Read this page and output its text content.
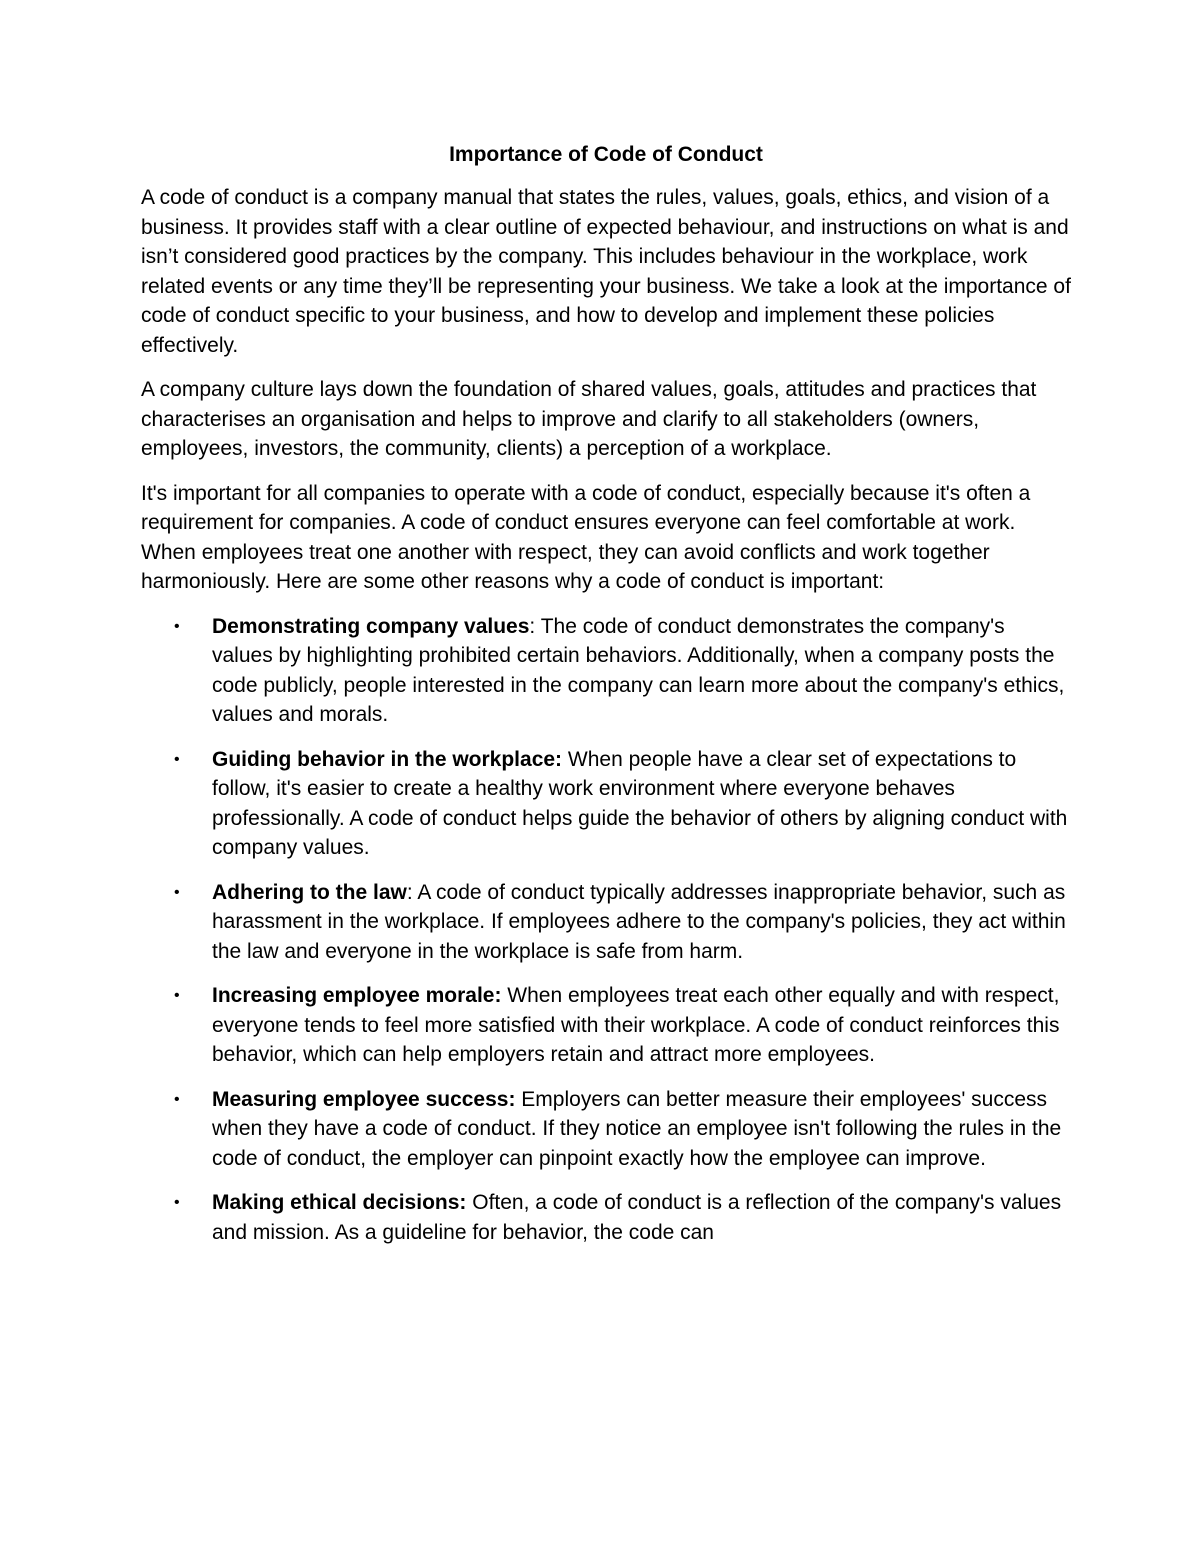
Importance of Code of Conduct

A code of conduct is a company manual that states the rules, values, goals, ethics, and vision of a business. It provides staff with a clear outline of expected behaviour, and instructions on what is and isn’t considered good practices by the company. This includes behaviour in the workplace, work related events or any time they’ll be representing your business. We take a look at the importance of code of conduct specific to your business, and how to develop and implement these policies effectively.

A company culture lays down the foundation of shared values, goals, attitudes and practices that characterises an organisation and helps to improve and clarify to all stakeholders (owners, employees, investors, the community, clients) a perception of a workplace.

It's important for all companies to operate with a code of conduct, especially because it's often a requirement for companies. A code of conduct ensures everyone can feel comfortable at work. When employees treat one another with respect, they can avoid conflicts and work together harmoniously. Here are some other reasons why a code of conduct is important:

• Demonstrating company values: The code of conduct demonstrates the company's values by highlighting prohibited certain behaviors. Additionally, when a company posts the code publicly, people interested in the company can learn more about the company's ethics, values and morals.
• Guiding behavior in the workplace: When people have a clear set of expectations to follow, it's easier to create a healthy work environment where everyone behaves professionally. A code of conduct helps guide the behavior of others by aligning conduct with company values.
• Adhering to the law: A code of conduct typically addresses inappropriate behavior, such as harassment in the workplace. If employees adhere to the company's policies, they act within the law and everyone in the workplace is safe from harm.
• Increasing employee morale: When employees treat each other equally and with respect, everyone tends to feel more satisfied with their workplace. A code of conduct reinforces this behavior, which can help employers retain and attract more employees.
• Measuring employee success: Employers can better measure their employees' success when they have a code of conduct. If they notice an employee isn't following the rules in the code of conduct, the employer can pinpoint exactly how the employee can improve.
• Making ethical decisions: Often, a code of conduct is a reflection of the company's values and mission. As a guideline for behavior, the code can
